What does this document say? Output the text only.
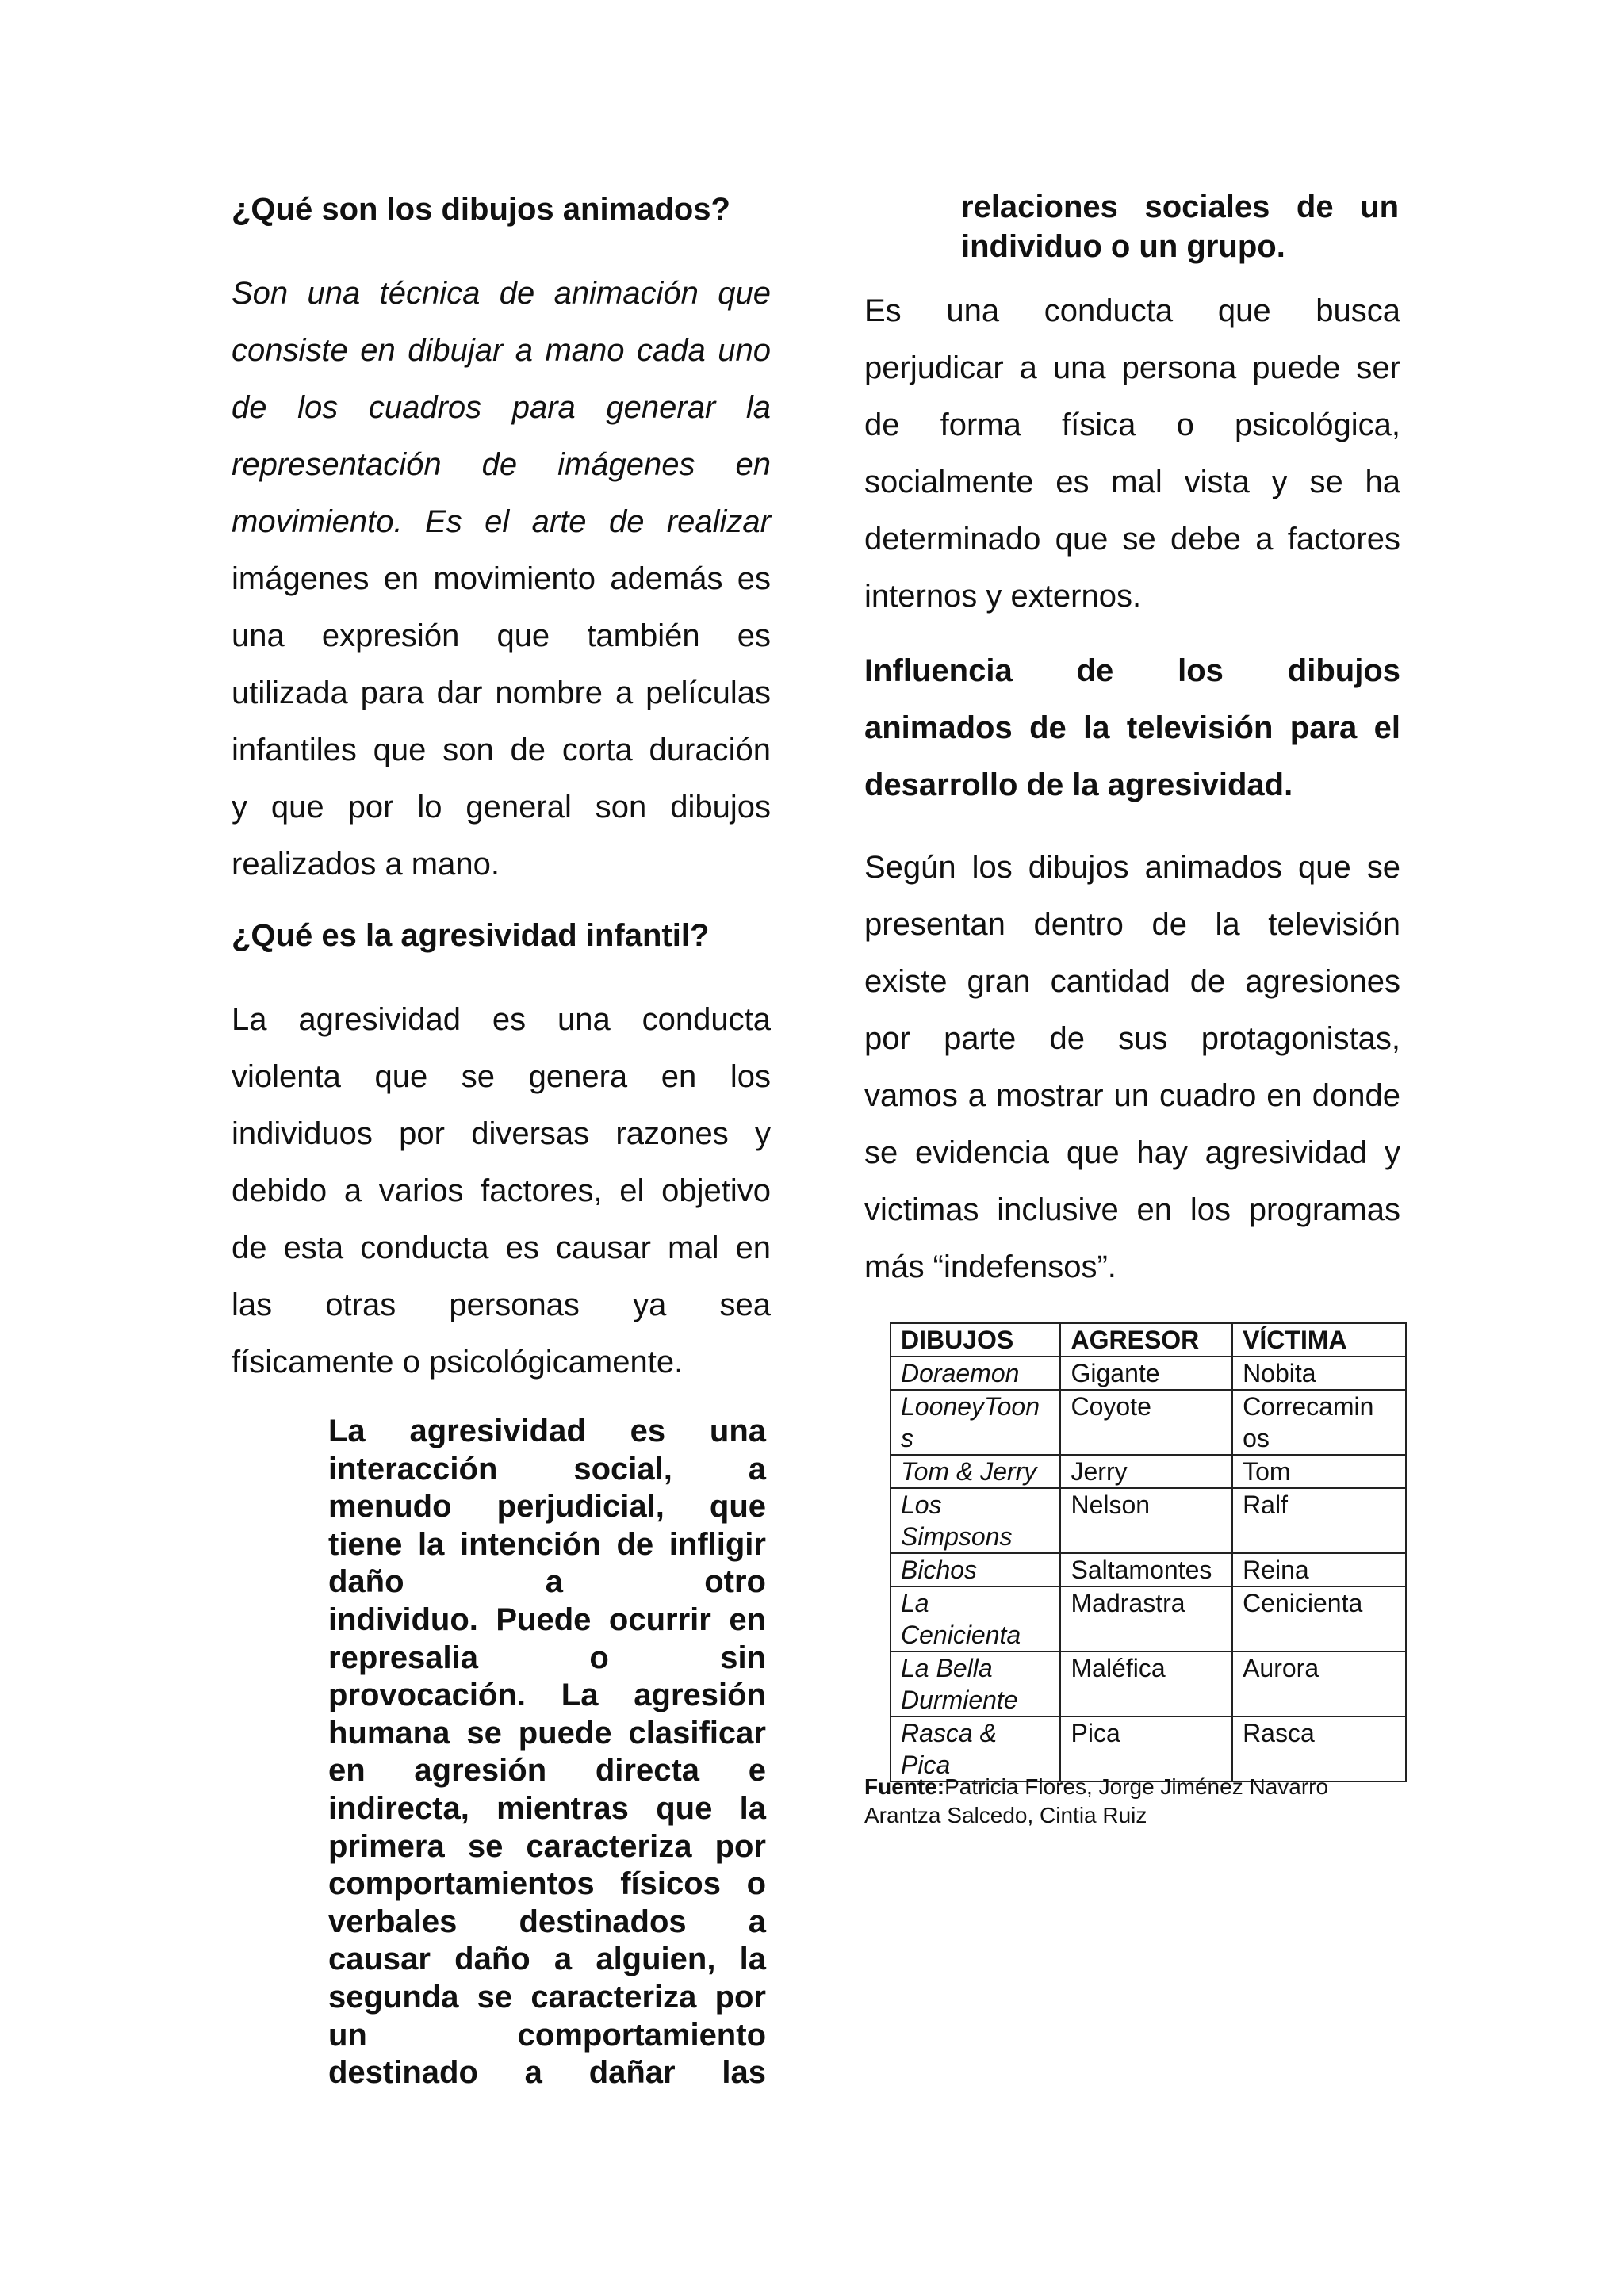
¿Qué son los dibujos animados?
Son una técnica de animación que
consiste en dibujar a mano cada uno
de los cuadros para generar la
representación de imágenes en
movimiento. Es el arte de realizar
imágenes en movimiento además es
una expresión que también es
utilizada para dar nombre a películas
infantiles que son de corta duración
y que por lo general son dibujos
realizados a mano.
¿Qué es la agresividad infantil?
La agresividad es una conducta
violenta que se genera en los
individuos por diversas razones y
debido a varios factores, el objetivo
de esta conducta es causar mal en
las otras personas ya sea
físicamente o psicológicamente.
La agresividad es una
interacción social, a
menudo perjudicial, que
tiene la intención de infligir
daño a otro
individuo. Puede ocurrir en
represalia o sin
provocación. La agresión
humana se puede clasificar
en agresión directa e
indirecta, mientras que la
primera se caracteriza por
comportamientos físicos o
verbales destinados a
causar daño a alguien, la
segunda se caracteriza por
un comportamiento
destinado a dañar las
relaciones sociales de un
individuo o un grupo.
Es una conducta que busca
perjudicar a una persona puede ser
de forma física o psicológica,
socialmente es mal vista y se ha
determinado que se debe a factores
internos y externos.
Influencia de los dibujos
animados de la televisión para el
desarrollo de la agresividad.
Según los dibujos animados que se
presentan dentro de la televisión
existe gran cantidad de agresiones
por parte de sus protagonistas,
vamos a mostrar un cuadro en donde
se evidencia que hay agresividad y
victimas inclusive en los programas
más “indefensos”.
DIBUJOS	AGRESOR	VÍCTIMA
Doraemon	Gigante	Nobita
LooneyToon s	Coyote	Correcamin os
Tom & Jerry	Jerry	Tom
Los Simpsons	Nelson	Ralf
Bichos	Saltamontes	Reina
La Cenicienta	Madrastra	Cenicienta
La Bella Durmiente	Maléfica	Aurora
Rasca & Pica	Pica	Rasca
Fuente:Patricia Flores, Jorge Jiménez Navarro
Arantza Salcedo, Cintia Ruiz
